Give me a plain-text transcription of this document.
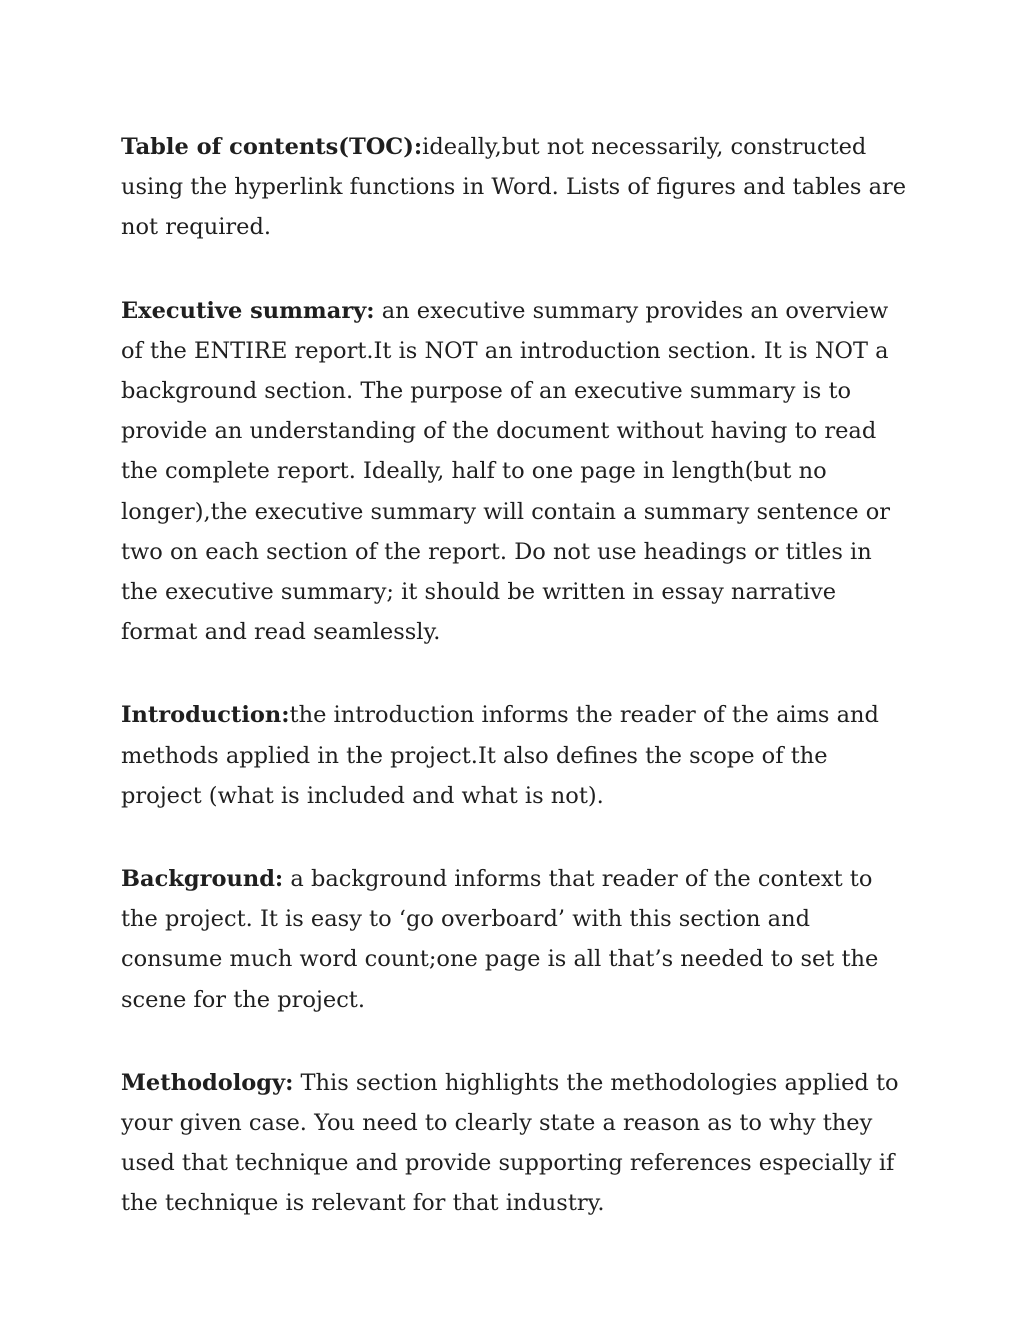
Table of contents(TOC):ideally,but not necessarily, constructed using the hyperlink functions in Word. Lists of figures and tables are not required.

Executive summary: an executive summary provides an overview of the ENTIRE report.It is NOT an introduction section. It is NOT a background section. The purpose of an executive summary is to provide an understanding of the document without having to read the complete report. Ideally, half to one page in length(but no longer),the executive summary will contain a summary sentence or two on each section of the report. Do not use headings or titles in the executive summary; it should be written in essay narrative format and read seamlessly.

Introduction:the introduction informs the reader of the aims and methods applied in the project.It also defines the scope of the project (what is included and what is not).

Background: a background informs that reader of the context to the project. It is easy to ‘go overboard’ with this section and consume much word count;one page is all that’s needed to set the scene for the project.

Methodology: This section highlights the methodologies applied to your given case. You need to clearly state a reason as to why they used that technique and provide supporting references especially if the technique is relevant for that industry.
